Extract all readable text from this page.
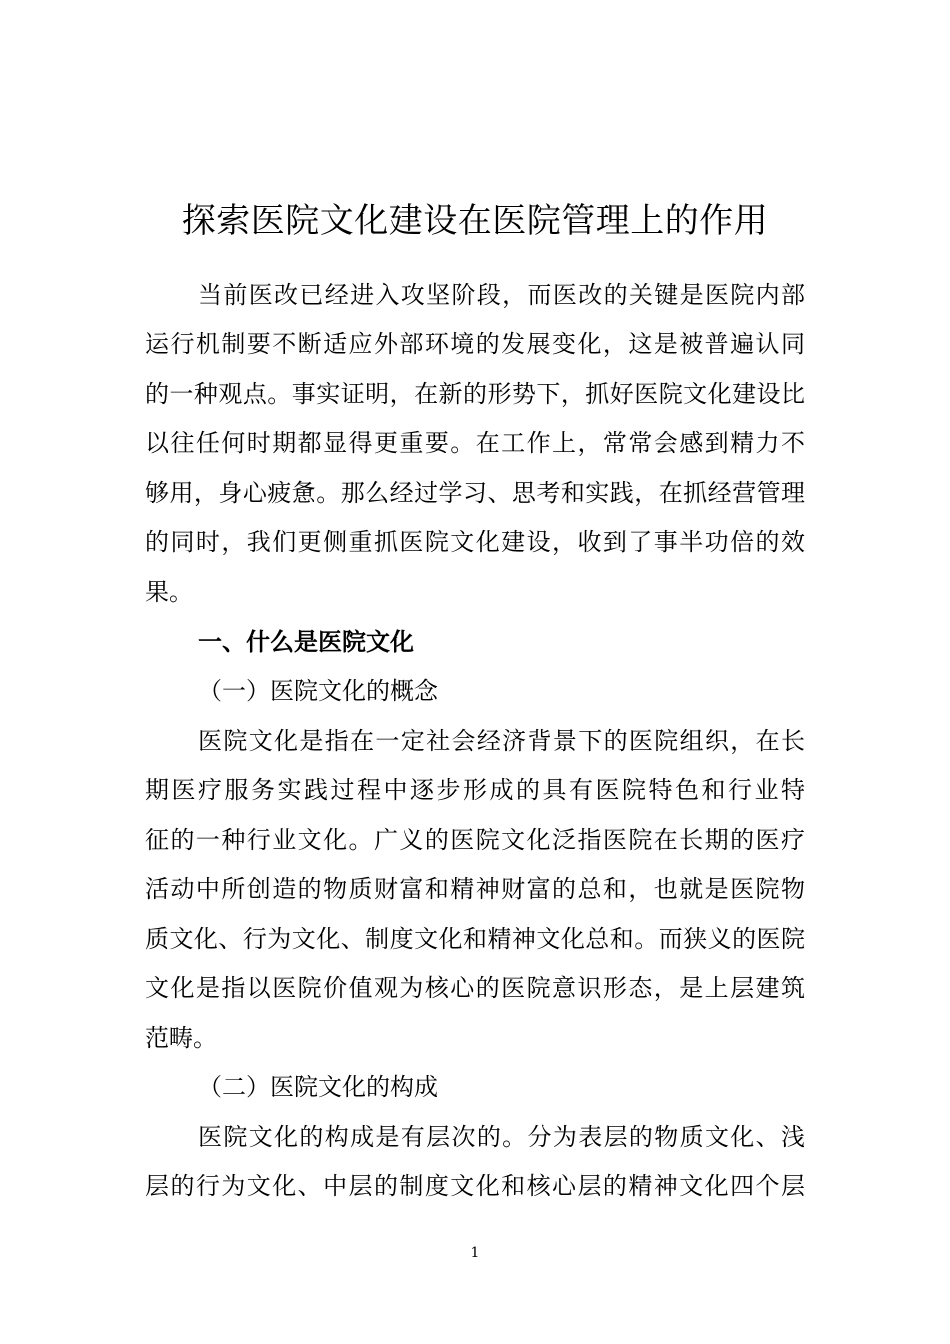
探索医院文化建设在医院管理上的作用
当前医改已经进入攻坚阶段，而医改的关键是医院内部
运行机制要不断适应外部环境的发展变化，这是被普遍认同
的一种观点。事实证明，在新的形势下，抓好医院文化建设比
以往任何时期都显得更重要。在工作上，常常会感到精力不
够用，身心疲惫。那么经过学习、思考和实践，在抓经营管理
的同时，我们更侧重抓医院文化建设，收到了事半功倍的效
果。
一、什么是医院文化
（一）医院文化的概念
医院文化是指在一定社会经济背景下的医院组织，在长
期医疗服务实践过程中逐步形成的具有医院特色和行业特
征的一种行业文化。广义的医院文化泛指医院在长期的医疗
活动中所创造的物质财富和精神财富的总和，也就是医院物
质文化、行为文化、制度文化和精神文化总和。而狭义的医院
文化是指以医院价值观为核心的医院意识形态，是上层建筑
范畴。
（二）医院文化的构成
医院文化的构成是有层次的。分为表层的物质文化、浅
层的行为文化、中层的制度文化和核心层的精神文化四个层
1
